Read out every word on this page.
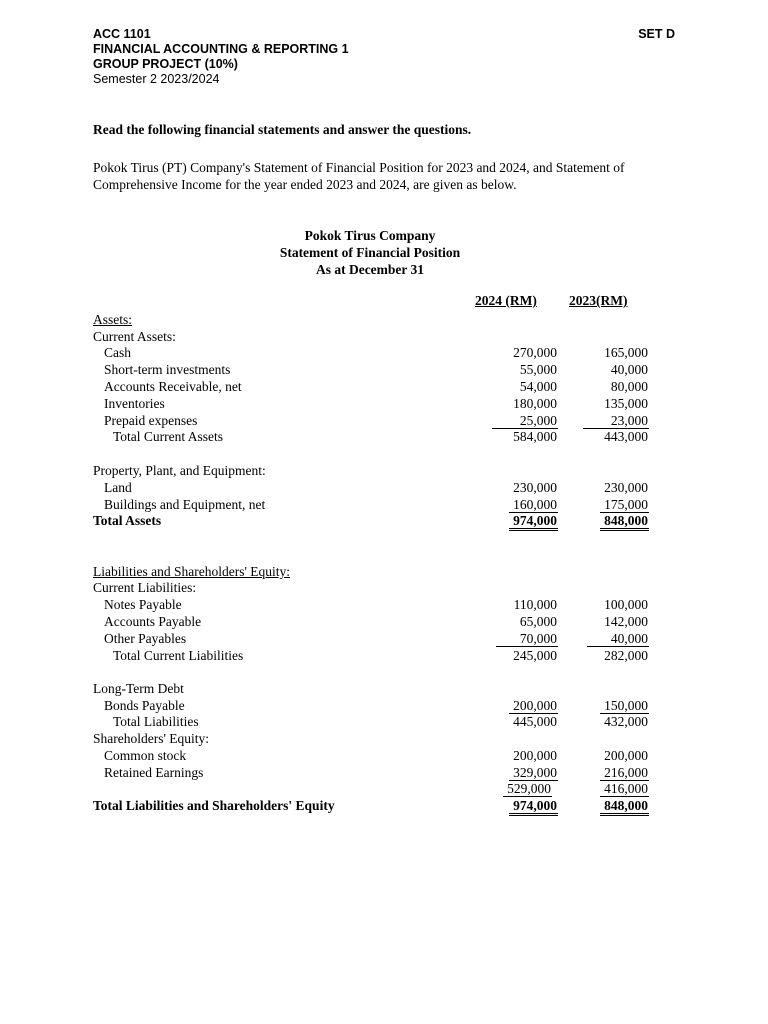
ACC 1101
FINANCIAL ACCOUNTING & REPORTING 1
GROUP PROJECT (10%)
Semester 2 2023/2024
SET D
Read the following financial statements and answer the questions.
Pokok Tirus (PT) Company's Statement of Financial Position for 2023 and 2024, and Statement of Comprehensive Income for the year ended 2023 and 2024, are given as below.
Pokok Tirus Company
Statement of Financial Position
As at December 31
2024 (RM) 2023(RM)
Assets:
Current Assets:
Cash	270,000	165,000
Short-term investments	55,000	40,000
Accounts Receivable, net	54,000	80,000
Inventories	180,000	135,000
Prepaid expenses	25,000	23,000
Total Current Assets	584,000	443,000
Property, Plant, and Equipment:
Land	230,000	230,000
Buildings and Equipment, net	160,000	175,000
Total Assets	974,000	848,000
Liabilities and Shareholders' Equity:
Current Liabilities:
Notes Payable	110,000	100,000
Accounts Payable	65,000	142,000
Other Payables	70,000	40,000
Total Current Liabilities	245,000	282,000
Long-Term Debt
Bonds Payable	200,000	150,000
Total Liabilities	445,000	432,000
Shareholders' Equity:
Common stock	200,000	200,000
Retained Earnings	329,000	216,000
529,000	416,000
Total Liabilities and Shareholders' Equity	974,000	848,000
